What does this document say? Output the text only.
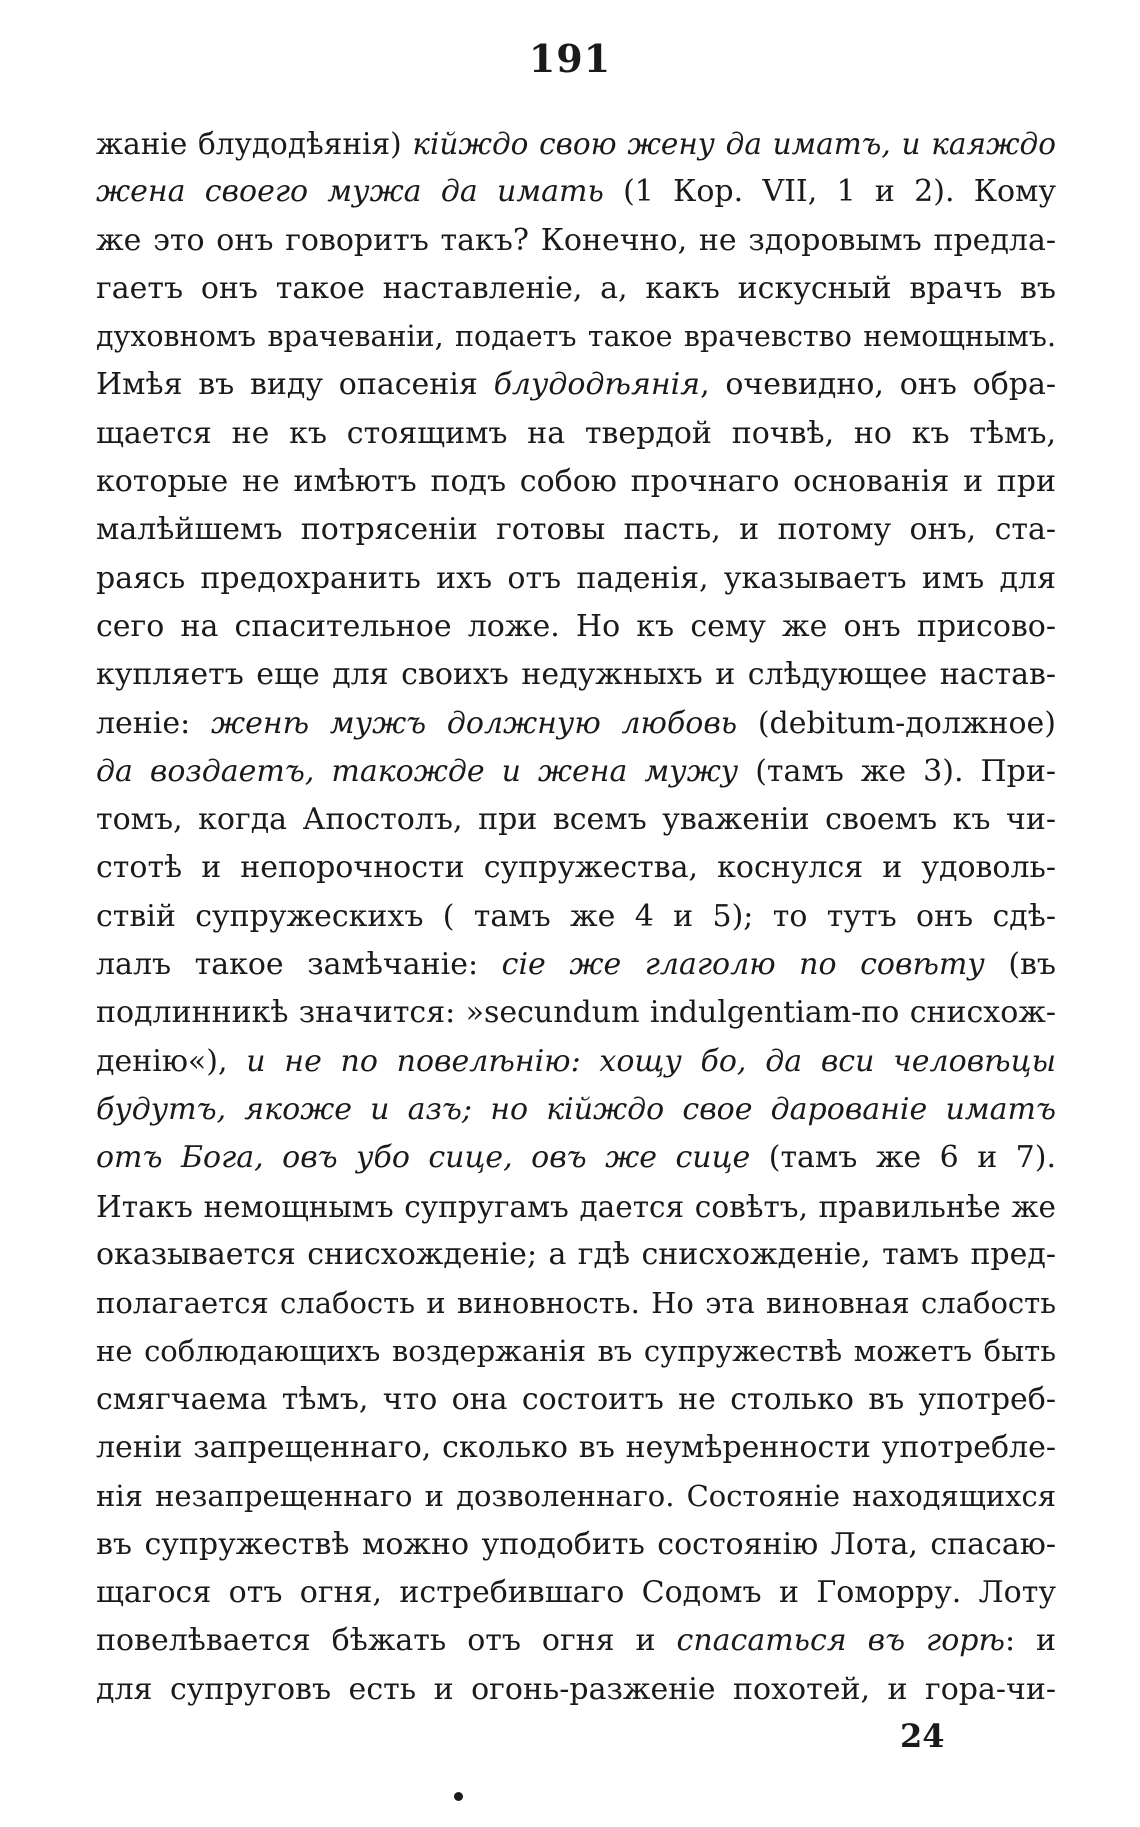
191
жаніе блудодѣянія) кійждо свою жену да иматъ, и каяждо
жена своего мужа да имать (1 Кор. VII, 1 и 2). Кому
же это онъ говоритъ такъ? Конечно, не здоровымъ предла-
гаетъ онъ такое наставленіе, а, какъ искусный врачъ въ
духовномъ врачеваніи, подаетъ такое врачевство немощнымъ.
Имѣя въ виду опасенія блудодѣянія, очевидно, онъ обра-
щается не къ стоящимъ на твердой почвѣ, но къ тѣмъ,
которые не имѣютъ подъ собою прочнаго основанія и при
малѣйшемъ потрясеніи готовы пасть, и потому онъ, ста-
раясь предохранить ихъ отъ паденія, указываетъ имъ для
сего на спасительное ложе. Но къ сему же онъ присово-
купляетъ еще для своихъ недужныхъ и слѣдующее настав-
леніе: женѣ мужъ должную любовь (debitum-должное)
да воздаетъ, такожде и жена мужу (тамъ же 3). При-
томъ, когда Апостолъ, при всемъ уваженіи своемъ къ чи-
стотѣ и непорочности супружества, коснулся и удоволь-
ствій супружескихъ ( тамъ же 4 и 5); то тутъ онъ сдѣ-
лалъ такое замѣчаніе: сіе же глаголю по совѣту (въ
подлинникѣ значится: »secundum indulgentiam-по снисхож-
денію«), и не по повелѣнію: хощу бо, да вси человѣцы
будутъ, якоже и азъ; но кійждо свое дарованіе иматъ
отъ Бога, овъ убо сице, овъ же сице (тамъ же 6 и 7).
Итакъ немощнымъ супругамъ дается совѣтъ, правильнѣе же
оказывается снисхожденіе; а гдѣ снисхожденіе, тамъ пред-
полагается слабость и виновность. Но эта виновная слабость
не соблюдающихъ воздержанія въ супружествѣ можетъ быть
смягчаема тѣмъ, что она состоитъ не столько въ употреб-
леніи запрещеннаго, сколько въ неумѣренности употребле-
нія незапрещеннаго и дозволеннаго. Состояніе находящихся
въ супружествѣ можно уподобить состоянію Лота, спасаю-
щагося отъ огня, истребившаго Содомъ и Гоморру. Лоту
повелѣвается бѣжать отъ огня и спасаться въ горѣ: и
для супруговъ есть и огонь-разженіе похотей, и гора-чи-
24
